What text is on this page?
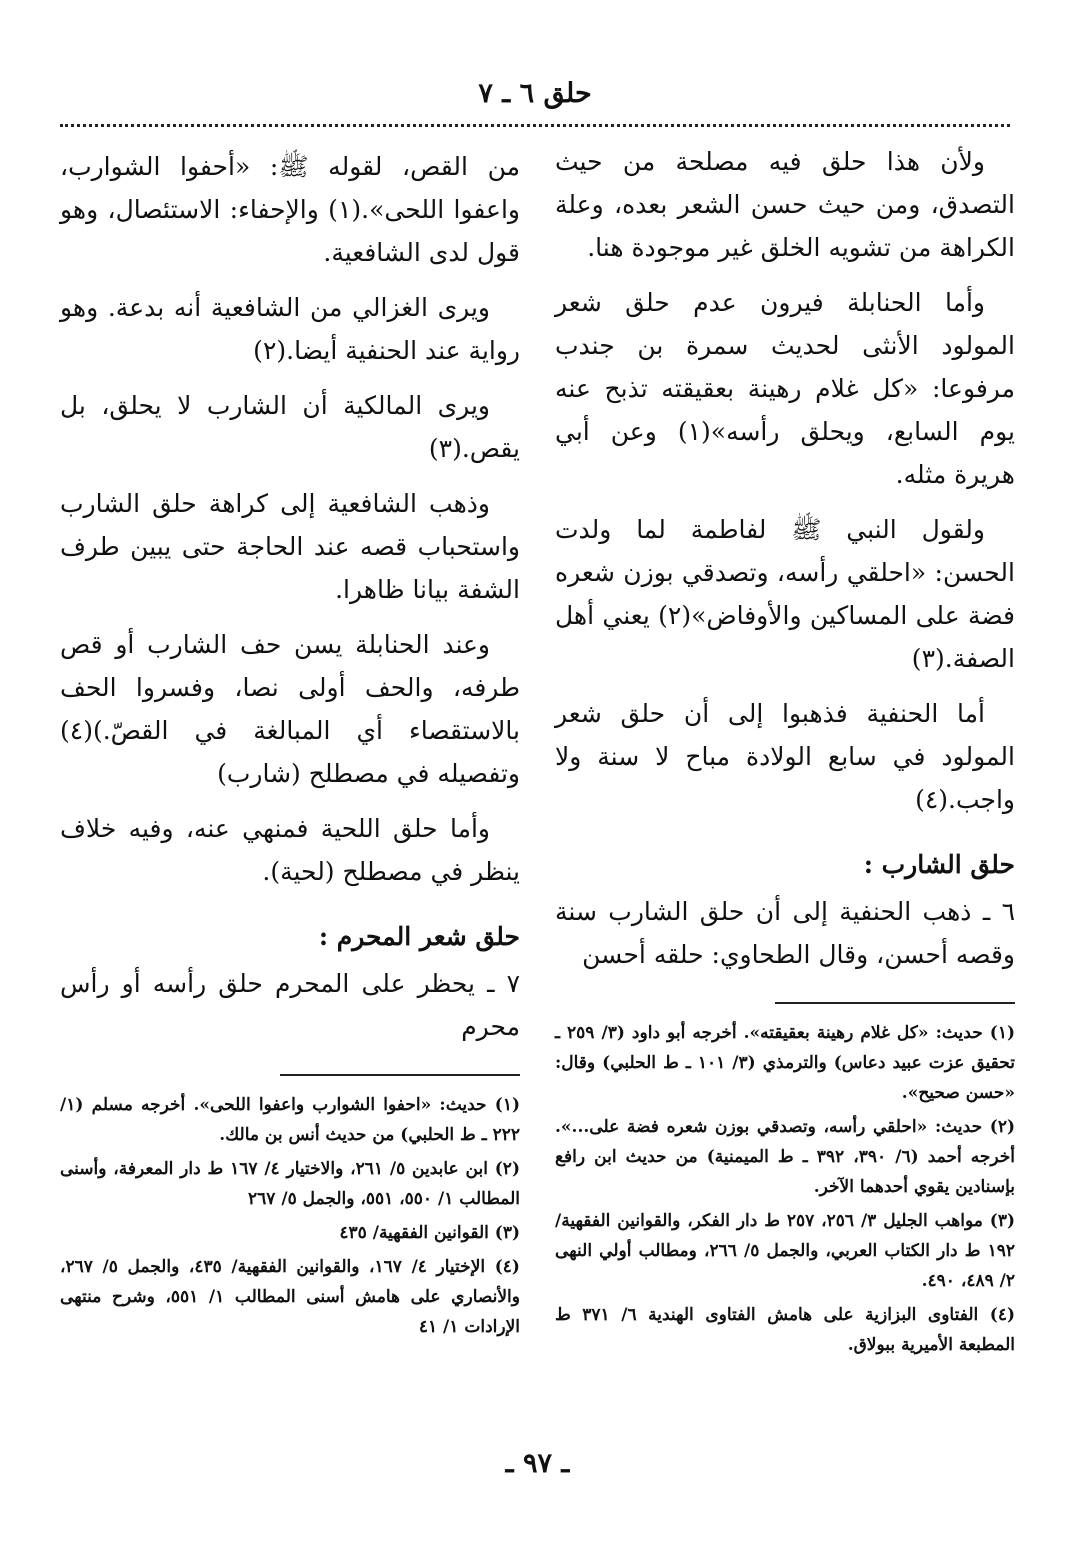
حلق ٦ ـ ٧

ولأن هذا حلق فيه مصلحة من حيث التصدق، ومن حيث حسن الشعر بعده، وعلة الكراهة من تشويه الخلق غير موجودة هنا.

وأما الحنابلة فيرون عدم حلق شعر المولود الأنثى لحديث سمرة بن جندب مرفوعا: «كل غلام رهينة بعقيقته تذبح عنه يوم السابع، ويحلق رأسه»(١) وعن أبي هريرة مثله.

ولقول النبي ﷺ لفاطمة لما ولدت الحسن: «احلقي رأسه، وتصدقي بوزن شعره فضة على المساكين والأوفاض»(٢) يعني أهل الصفة.(٣)

أما الحنفية فذهبوا إلى أن حلق شعر المولود في سابع الولادة مباح لا سنة ولا واجب.(٤)

حلق الشارب :

٦ ـ ذهب الحنفية إلى أن حلق الشارب سنة وقصه أحسن، وقال الطحاوي: حلقه أحسن

(١) حديث: «كل غلام رهينة بعقيقته». أخرجه أبو داود (٣/ ٢٥٩ ـ تحقيق عزت عبيد دعاس) والترمذي (٣/ ١٠١ ـ ط الحلبي) وقال: «حسن صحيح».
(٢) حديث: «احلقي رأسه، وتصدقي بوزن شعره فضة على...». أخرجه أحمد (٦/ ٣٩٠، ٣٩٢ ـ ط الميمنية) من حديث ابن رافع بإسنادين يقوي أحدهما الآخر.
(٣) مواهب الجليل ٣/ ٢٥٦، ٢٥٧ ط دار الفكر، والقوانين الفقهية/ ١٩٢ ط دار الكتاب العربي، والجمل ٥/ ٢٦٦، ومطالب أولي النهى ٢/ ٤٨٩، ٤٩٠.
(٤) الفتاوى البزازية على هامش الفتاوى الهندية ٦/ ٣٧١ ط المطبعة الأميرية ببولاق.

من القص، لقوله ﷺ: «أحفوا الشوارب، واعفوا اللحى».(١) والإحفاء: الاستئصال، وهو قول لدى الشافعية.

ويرى الغزالي من الشافعية أنه بدعة. وهو رواية عند الحنفية أيضا.(٢)

ويرى المالكية أن الشارب لا يحلق، بل يقص.(٣)

وذهب الشافعية إلى كراهة حلق الشارب واستحباب قصه عند الحاجة حتى يبين طرف الشفة بيانا ظاهرا.

وعند الحنابلة يسن حف الشارب أو قص طرفه، والحف أولى نصا، وفسروا الحف بالاستقصاء أي المبالغة في القصّ.)(٤) وتفصيله في مصطلح (شارب)

وأما حلق اللحية فمنهي عنه، وفيه خلاف ينظر في مصطلح (لحية).

حلق شعر المحرم :

٧ ـ يحظر على المحرم حلق رأسه أو رأس محرم

(١) حديث: «احفوا الشوارب واعفوا اللحى». أخرجه مسلم (١/ ٢٢٢ ـ ط الحلبي) من حديث أنس بن مالك.
(٢) ابن عابدين ٥/ ٢٦١، والاختيار ٤/ ١٦٧ ط دار المعرفة، وأسنى المطالب ١/ ٥٥٠، ٥٥١، والجمل ٥/ ٢٦٧
(٣) القوانين الفقهية/ ٤٣٥
(٤) الإختيار ٤/ ١٦٧، والقوانين الفقهية/ ٤٣٥، والجمل ٥/ ٢٦٧، والأنصاري على هامش أسنى المطالب ١/ ٥٥١، وشرح منتهى الإرادات ١/ ٤١
ـ ٩٧ ـ
